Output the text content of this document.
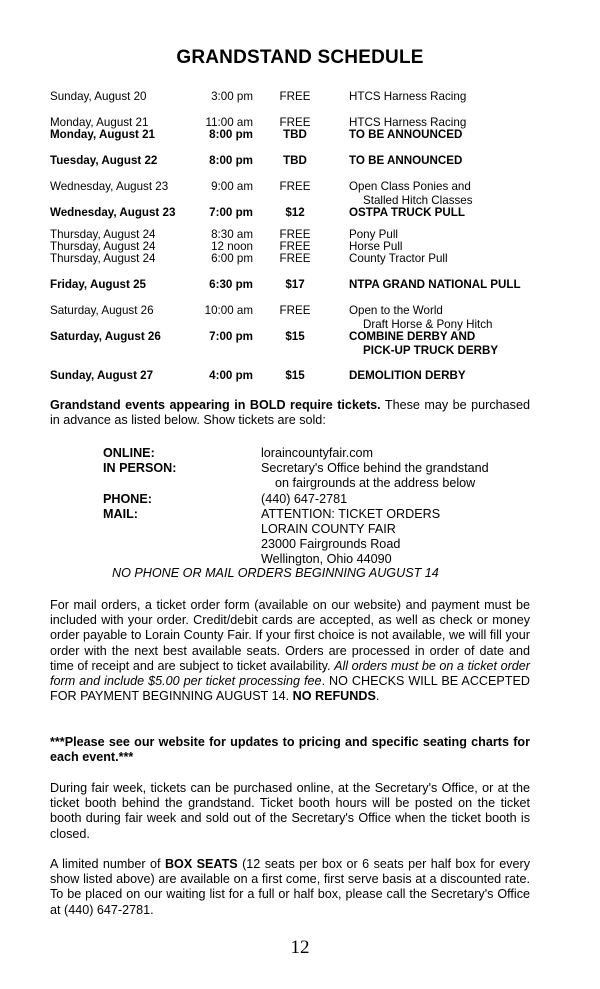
GRANDSTAND SCHEDULE
Sunday, August 20	3:00 pm	FREE	HTCS Harness Racing
Monday, August 21	11:00 am	FREE	HTCS Harness Racing
Monday, August 21	8:00 pm	TBD	TO BE ANNOUNCED
Tuesday, August 22	8:00 pm	TBD	TO BE ANNOUNCED
Wednesday, August 23	9:00 am	FREE	Open Class Ponies and
Stalled Hitch Classes
Wednesday, August 23	7:00 pm	$12	OSTPA TRUCK PULL
Thursday, August 24	8:30 am	FREE	Pony Pull
Thursday, August 24	12 noon	FREE	Horse Pull
Thursday, August 24	6:00 pm	FREE	County Tractor Pull
Friday, August 25	6:30 pm	$17	NTPA GRAND NATIONAL PULL
Saturday, August 26	10:00 am	FREE	Open to the World
Draft Horse & Pony Hitch
Saturday, August 26	7:00 pm	$15	COMBINE DERBY AND
PICK-UP TRUCK DERBY
Sunday, August 27	4:00 pm	$15	DEMOLITION DERBY
Grandstand events appearing in BOLD require tickets. These may be purchased in advance as listed below. Show tickets are sold:
ONLINE:	loraincountyfair.com
IN PERSON:	Secretary's Office behind the grandstand
on fairgrounds at the address below
PHONE:	(440) 647-2781
MAIL:	ATTENTION: TICKET ORDERS
LORAIN COUNTY FAIR
23000 Fairgrounds Road
Wellington, Ohio 44090
NO PHONE OR MAIL ORDERS BEGINNING AUGUST 14
For mail orders, a ticket order form (available on our website) and payment must be included with your order. Credit/debit cards are accepted, as well as check or money order payable to Lorain County Fair. If your first choice is not available, we will fill your order with the next best available seats. Orders are processed in order of date and time of receipt and are subject to ticket availability. All orders must be on a ticket order form and include $5.00 per ticket processing fee. NO CHECKS WILL BE ACCEPTED FOR PAYMENT BEGINNING AUGUST 14. NO REFUNDS.
***Please see our website for updates to pricing and specific seating charts for each event.***
During fair week, tickets can be purchased online, at the Secretary's Office, or at the ticket booth behind the grandstand. Ticket booth hours will be posted on the ticket booth during fair week and sold out of the Secretary's Office when the ticket booth is closed.
A limited number of BOX SEATS (12 seats per box or 6 seats per half box for every show listed above) are available on a first come, first serve basis at a discounted rate. To be placed on our waiting list for a full or half box, please call the Secretary's Office at (440) 647-2781.
12
